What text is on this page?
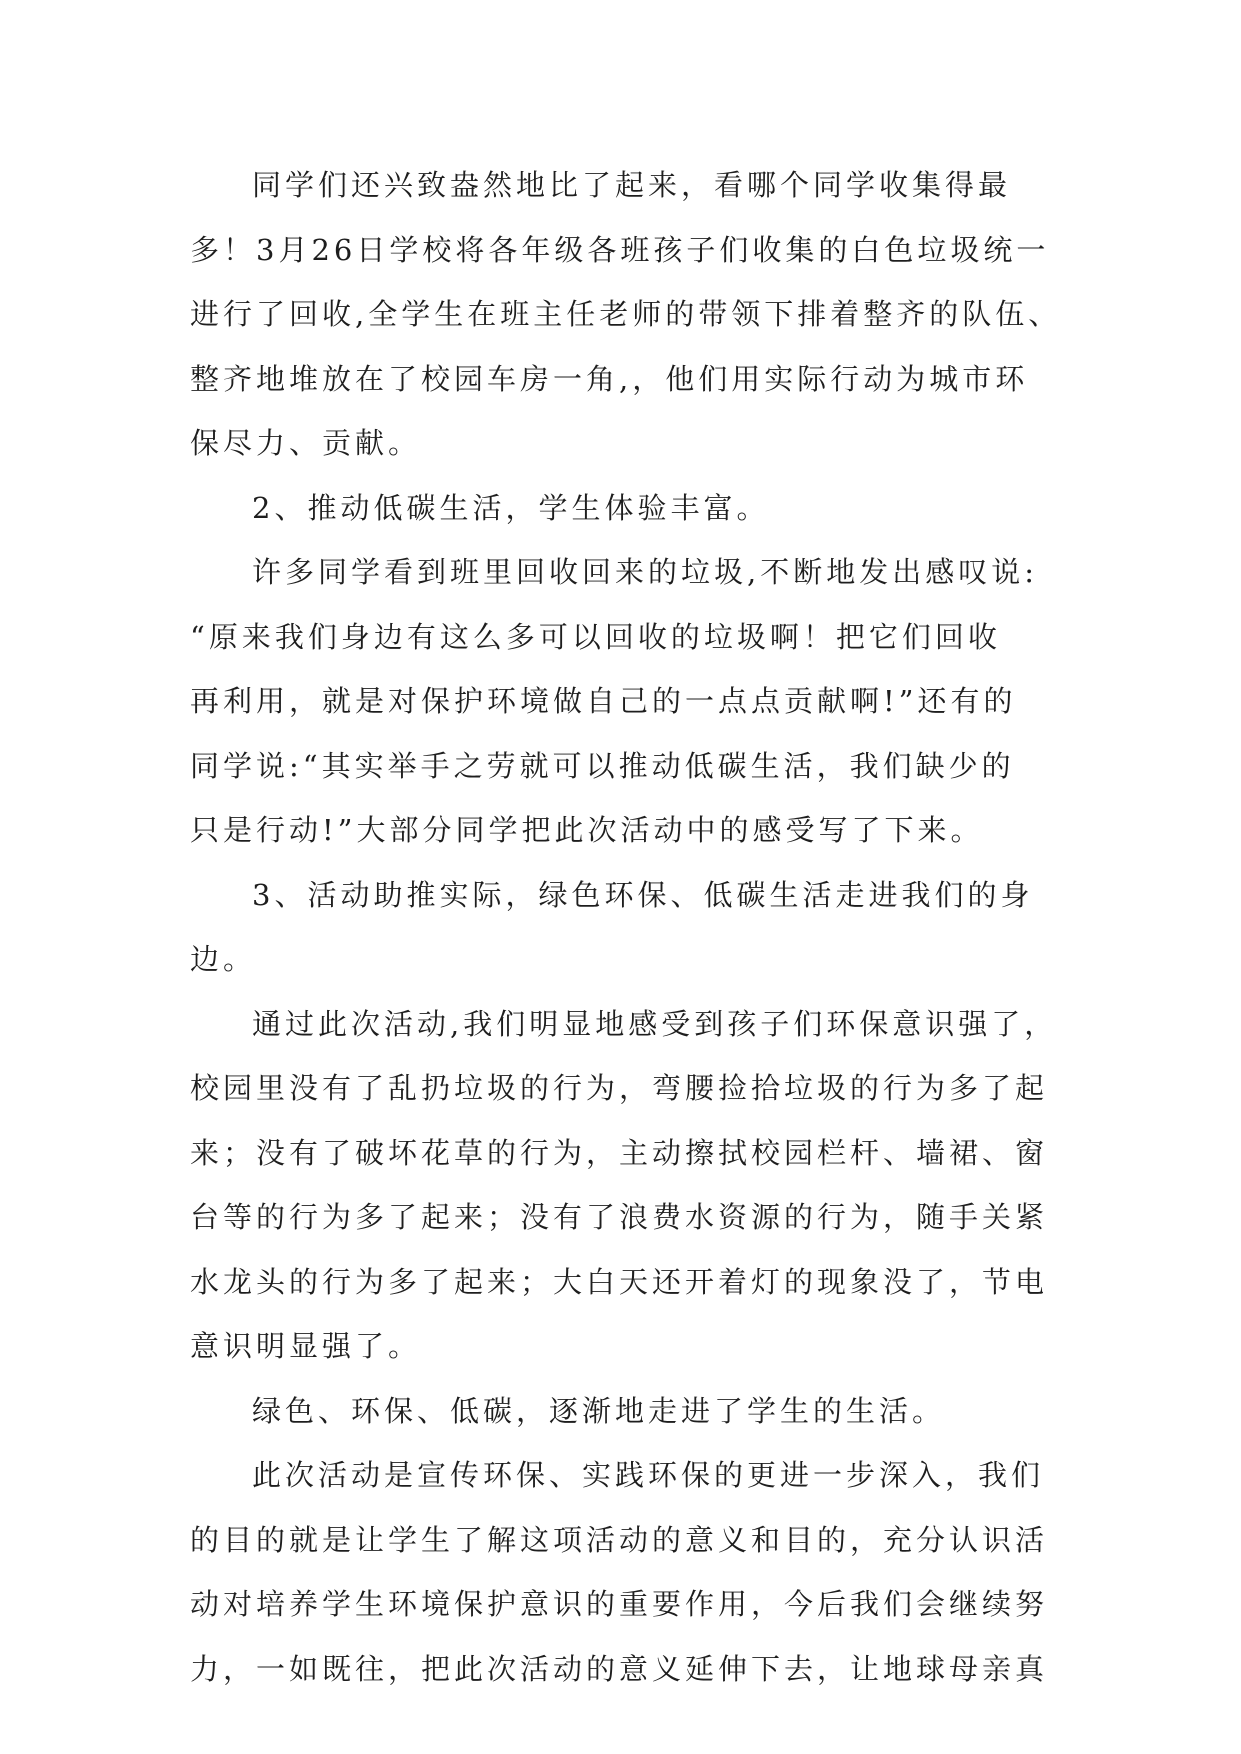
同学们还兴致盎然地比了起来，看哪个同学收集得最
多！3月26日学校将各年级各班孩子们收集的白色垃圾统一
进行了回收,全学生在班主任老师的带领下排着整齐的队伍、
整齐地堆放在了校园车房一角,，他们用实际行动为城市环
保尽力、贡献。
2、推动低碳生活，学生体验丰富。
许多同学看到班里回收回来的垃圾,不断地发出感叹说:
“原来我们身边有这么多可以回收的垃圾啊！把它们回收
再利用，就是对保护环境做自己的一点点贡献啊!”还有的
同学说:“其实举手之劳就可以推动低碳生活，我们缺少的
只是行动!”大部分同学把此次活动中的感受写了下来。
3、活动助推实际，绿色环保、低碳生活走进我们的身
边。
通过此次活动,我们明显地感受到孩子们环保意识强了，
校园里没有了乱扔垃圾的行为，弯腰捡拾垃圾的行为多了起
来；没有了破坏花草的行为，主动擦拭校园栏杆、墙裙、窗
台等的行为多了起来；没有了浪费水资源的行为，随手关紧
水龙头的行为多了起来；大白天还开着灯的现象没了，节电
意识明显强了。
绿色、环保、低碳，逐渐地走进了学生的生活。
此次活动是宣传环保、实践环保的更进一步深入，我们
的目的就是让学生了解这项活动的意义和目的，充分认识活
动对培养学生环境保护意识的重要作用，今后我们会继续努
力，一如既往，把此次活动的意义延伸下去，让地球母亲真
